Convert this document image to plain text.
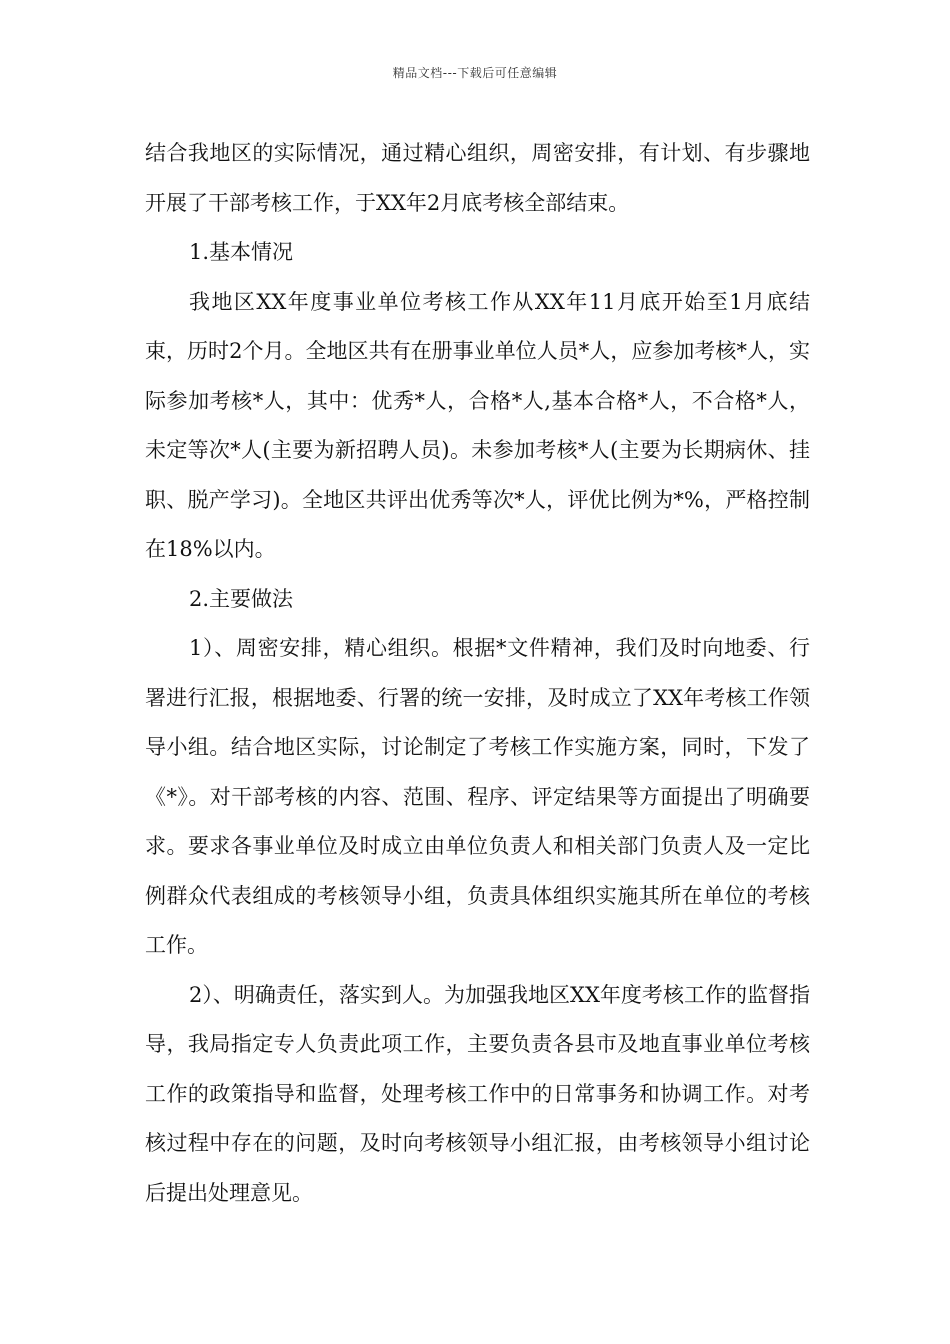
精品文档---下载后可任意编辑

结合我地区的实际情况，通过精心组织，周密安排，有计划、有步骤地开展了干部考核工作，于XX年2月底考核全部结束。

1.基本情况

我地区XX年度事业单位考核工作从XX年11月底开始至1月底结束，历时2个月。全地区共有在册事业单位人员*人，应参加考核*人，实际参加考核*人，其中：优秀*人，合格*人,基本合格*人，不合格*人，未定等次*人(主要为新招聘人员)。未参加考核*人(主要为长期病休、挂职、脱产学习)。全地区共评出优秀等次*人，评优比例为*%，严格控制在18%以内。

2.主要做法

1）、周密安排，精心组织。根据*文件精神，我们及时向地委、行署进行汇报，根据地委、行署的统一安排，及时成立了XX年考核工作领导小组。结合地区实际，讨论制定了考核工作实施方案，同时，下发了《*》。对干部考核的内容、范围、程序、评定结果等方面提出了明确要求。要求各事业单位及时成立由单位负责人和相关部门负责人及一定比例群众代表组成的考核领导小组，负责具体组织实施其所在单位的考核工作。

2）、明确责任，落实到人。为加强我地区XX年度考核工作的监督指导，我局指定专人负责此项工作，主要负责各县市及地直事业单位考核工作的政策指导和监督，处理考核工作中的日常事务和协调工作。对考核过程中存在的问题，及时向考核领导小组汇报，由考核领导小组讨论后提出处理意见。
